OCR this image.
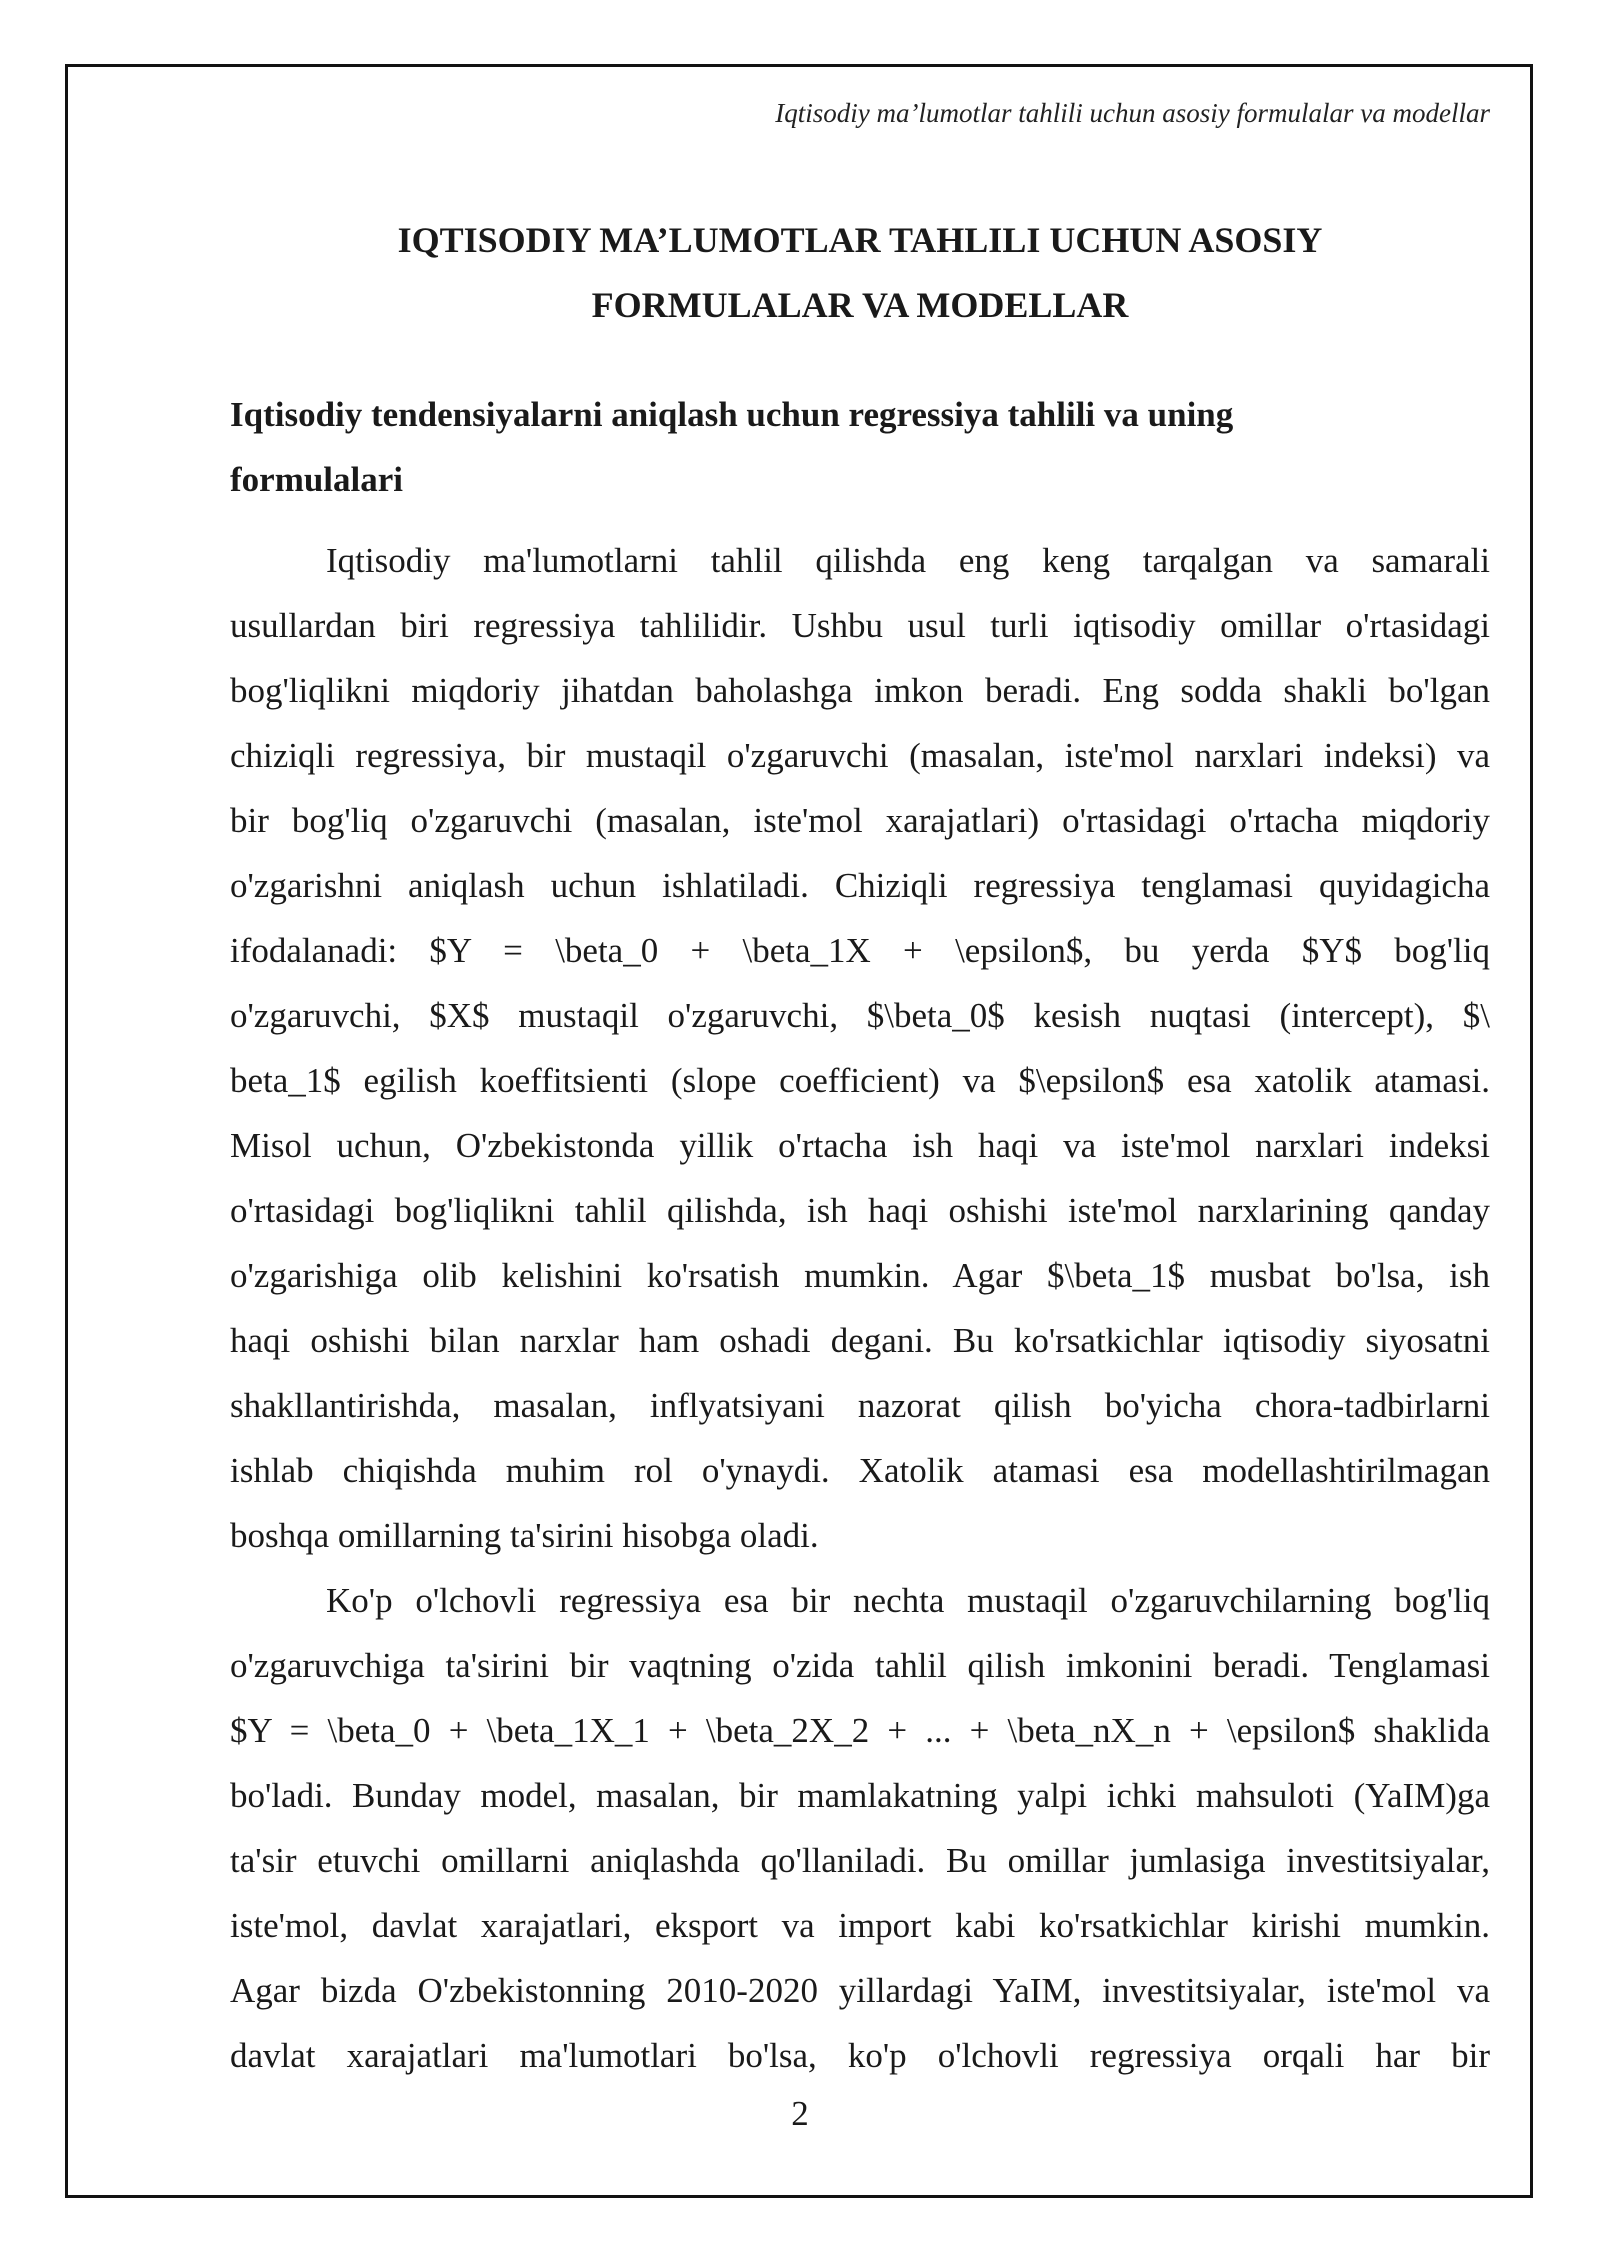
Iqtisodiy ma’lumotlar tahlili uchun asosiy formulalar va modellar
IQTISODIY MA’LUMOTLAR TAHLILI UCHUN ASOSIY
FORMULALAR VA MODELLAR
Iqtisodiy tendensiyalarni aniqlash uchun regressiya tahlili va uning
formulalari

Iqtisodiy ma'lumotlarni tahlil qilishda eng keng tarqalgan va samarali
usullardan biri regressiya tahlilidir. Ushbu usul turli iqtisodiy omillar o'rtasidagi
bog'liqlikni miqdoriy jihatdan baholashga imkon beradi. Eng sodda shakli bo'lgan
chiziqli regressiya, bir mustaqil o'zgaruvchi (masalan, iste'mol narxlari indeksi) va
bir bog'liq o'zgaruvchi (masalan, iste'mol xarajatlari) o'rtasidagi o'rtacha miqdoriy
o'zgarishni aniqlash uchun ishlatiladi. Chiziqli regressiya tenglamasi quyidagicha
ifodalanadi: $Y = \beta_0 + \beta_1X + \epsilon$, bu yerda $Y$ bog'liq
o'zgaruvchi, $X$ mustaqil o'zgaruvchi, $\beta_0$ kesish nuqtasi (intercept), $\
beta_1$ egilish koeffitsienti (slope coefficient) va $\epsilon$ esa xatolik atamasi.
Misol uchun, O'zbekistonda yillik o'rtacha ish haqi va iste'mol narxlari indeksi
o'rtasidagi bog'liqlikni tahlil qilishda, ish haqi oshishi iste'mol narxlarining qanday
o'zgarishiga olib kelishini ko'rsatish mumkin. Agar $\beta_1$ musbat bo'lsa, ish
haqi oshishi bilan narxlar ham oshadi degani. Bu ko'rsatkichlar iqtisodiy siyosatni
shakllantirishda, masalan, inflyatsiyani nazorat qilish bo'yicha chora-tadbirlarni
ishlab chiqishda muhim rol o'ynaydi. Xatolik atamasi esa modellashtirilmagan
boshqa omillarning ta'sirini hisobga oladi.

Ko'p o'lchovli regressiya esa bir nechta mustaqil o'zgaruvchilarning bog'liq
o'zgaruvchiga ta'sirini bir vaqtning o'zida tahlil qilish imkonini beradi. Tenglamasi
$Y = \beta_0 + \beta_1X_1 + \beta_2X_2 + ... + \beta_nX_n + \epsilon$ shaklida
bo'ladi. Bunday model, masalan, bir mamlakatning yalpi ichki mahsuloti (YaIM)ga
ta'sir etuvchi omillarni aniqlashda qo'llaniladi. Bu omillar jumlasiga investitsiyalar,
iste'mol, davlat xarajatlari, eksport va import kabi ko'rsatkichlar kirishi mumkin.
Agar bizda O'zbekistonning 2010-2020 yillardagi YaIM, investitsiyalar, iste'mol va
davlat xarajatlari ma'lumotlari bo'lsa, ko'p o'lchovli regressiya orqali har bir

2
